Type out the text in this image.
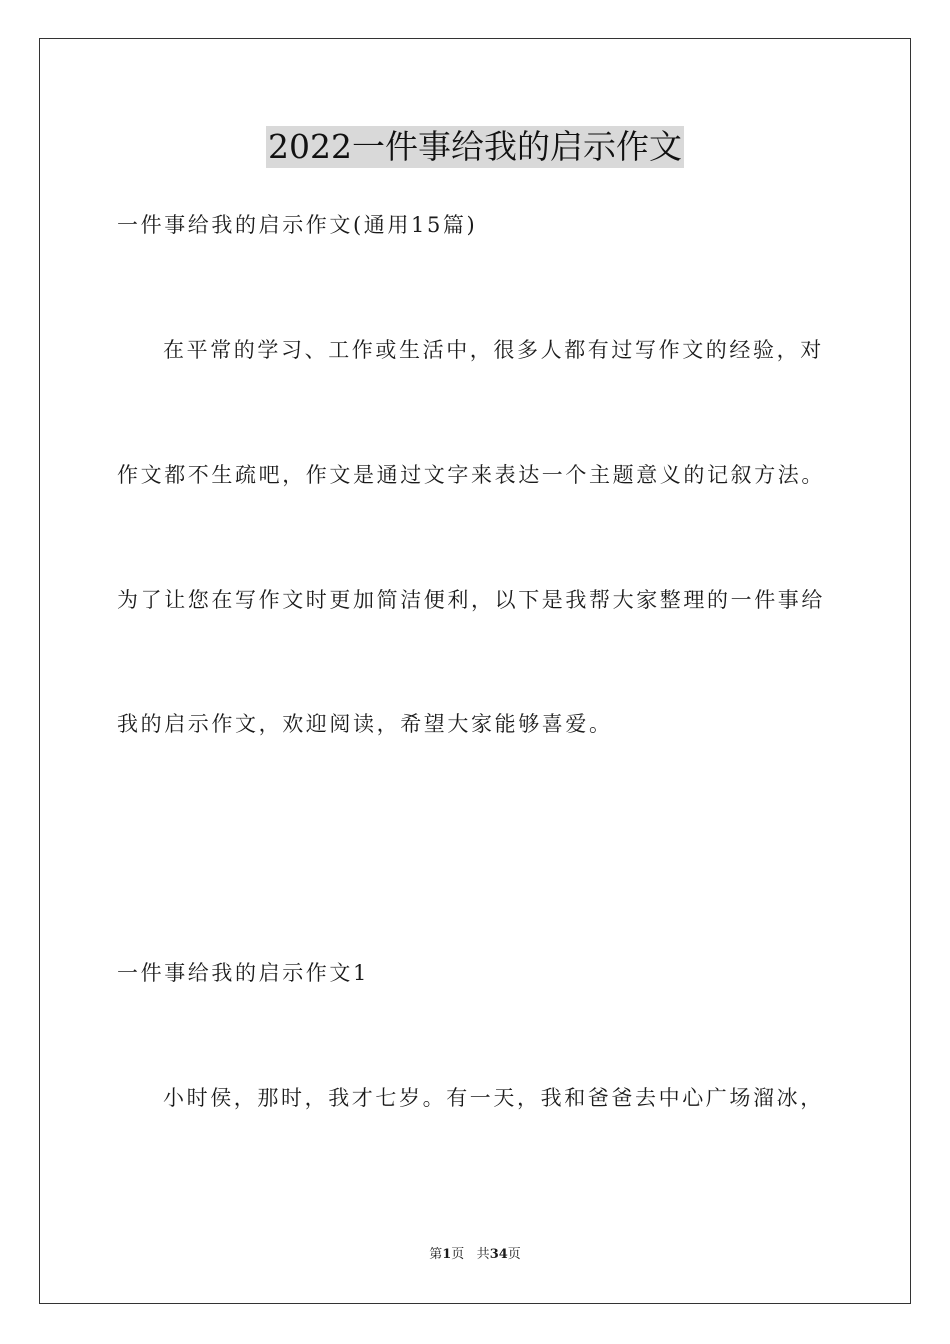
2022一件事给我的启示作文
一件事给我的启示作文(通用15篇)
在平常的学习、工作或生活中，很多人都有过写作文的经验，对
作文都不生疏吧，作文是通过文字来表达一个主题意义的记叙方法。
为了让您在写作文时更加简洁便利，以下是我帮大家整理的一件事给
我的启示作文，欢迎阅读，希望大家能够喜爱。
一件事给我的启示作文1
小时侯，那时，我才七岁。有一天，我和爸爸去中心广场溜冰，
第1页 共34页
